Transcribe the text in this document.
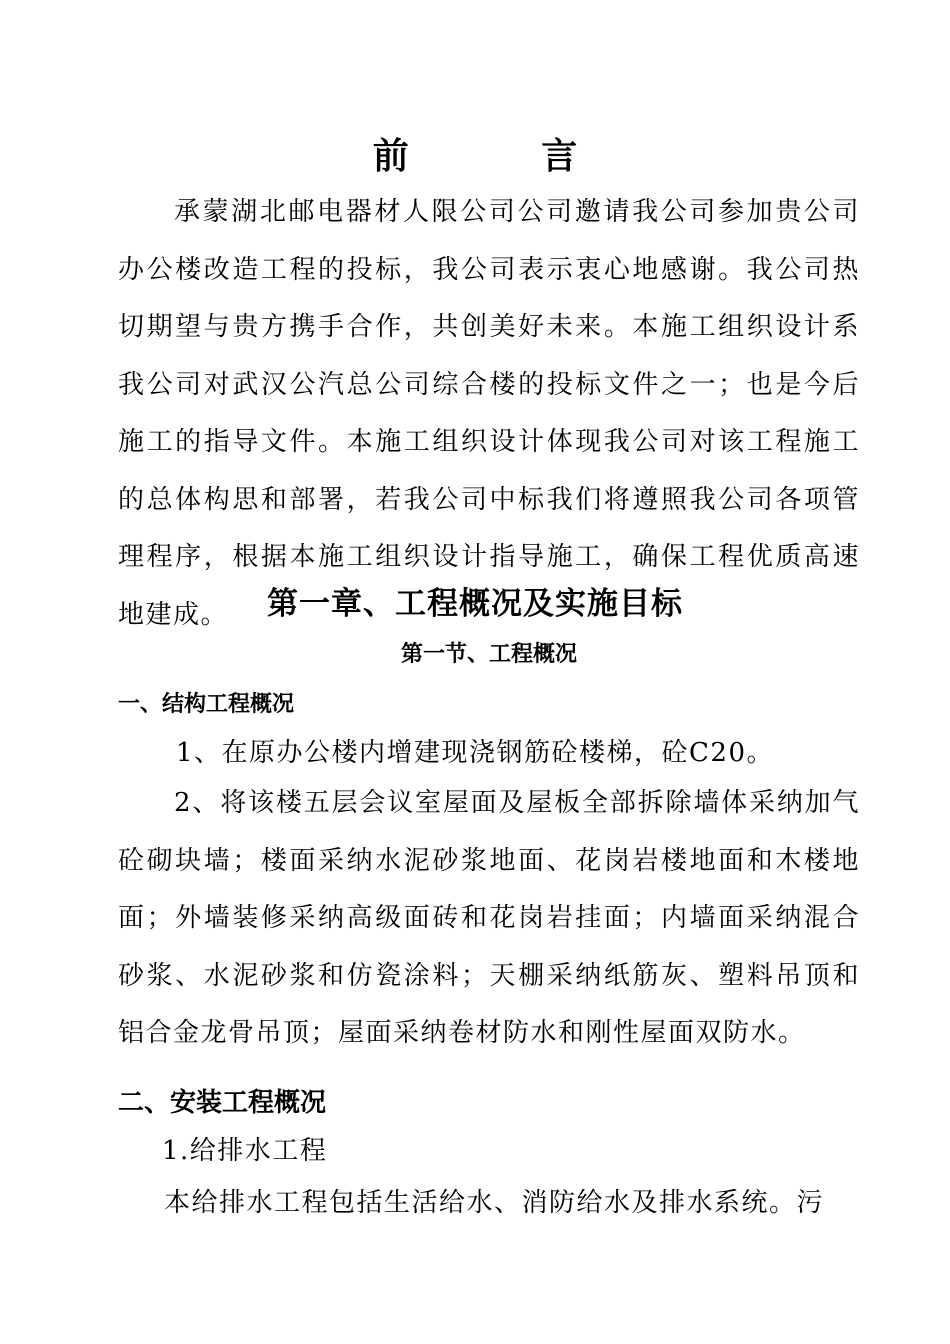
前 言
承蒙湖北邮电器材人限公司公司邀请我公司参加贵公司办公楼改造工程的投标，我公司表示衷心地感谢。我公司热切期望与贵方携手合作，共创美好未来。本施工组织设计系我公司对武汉公汽总公司综合楼的投标文件之一；也是今后施工的指导文件。本施工组织设计体现我公司对该工程施工的总体构思和部署，若我公司中标我们将遵照我公司各项管理程序，根据本施工组织设计指导施工，确保工程优质高速地建成。	第一章、工程概况及实施目标
第一节、工程概况
一、结构工程概况
1、在原办公楼内增建现浇钢筋砼楼梯，砼C20。
2、将该楼五层会议室屋面及屋板全部拆除墙体采纳加气砼砌块墙；楼面采纳水泥砂浆地面、花岗岩楼地面和木楼地面；外墙装修采纳高级面砖和花岗岩挂面；内墙面采纳混合砂浆、水泥砂浆和仿瓷涂料；天棚采纳纸筋灰、塑料吊顶和铝合金龙骨吊顶；屋面采纳卷材防水和刚性屋面双防水。
二、安装工程概况
1.给排水工程
本给排水工程包括生活给水、消防给水及排水系统。污
